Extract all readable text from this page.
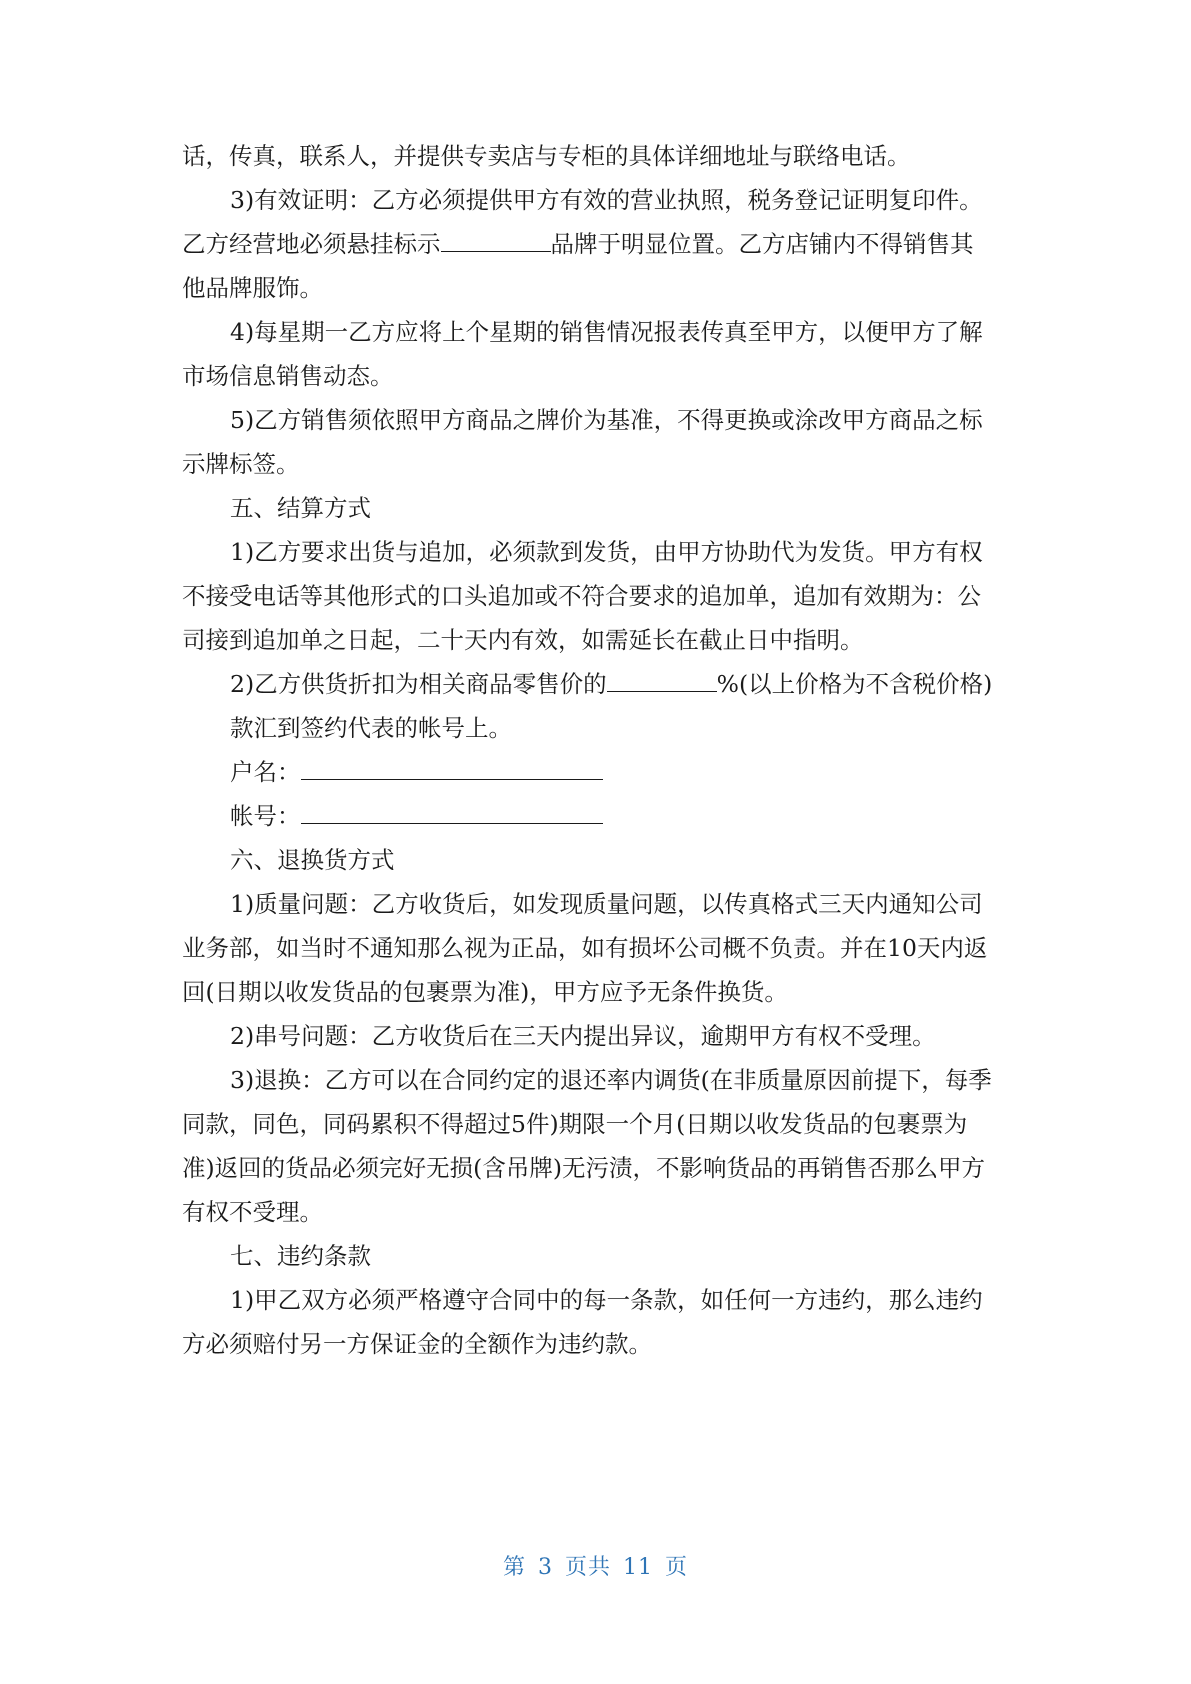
话，传真，联系人，并提供专卖店与专柜的具体详细地址与联络电话。
3)有效证明：乙方必须提供甲方有效的营业执照，税务登记证明复印件。
乙方经营地必须悬挂标示	品牌于明显位置。乙方店铺内不得销售其
他品牌服饰。
4)每星期一乙方应将上个星期的销售情况报表传真至甲方，以便甲方了解
市场信息销售动态。
5)乙方销售须依照甲方商品之牌价为基准，不得更换或涂改甲方商品之标
示牌标签。
五、结算方式
1)乙方要求出货与追加，必须款到发货，由甲方协助代为发货。甲方有权
不接受电话等其他形式的口头追加或不符合要求的追加单，追加有效期为：公
司接到追加单之日起，二十天内有效，如需延长在截止日中指明。
2)乙方供货折扣为相关商品零售价的	%(以上价格为不含税价格)
款汇到签约代表的帐号上。
户名：
帐号：
六、退换货方式
1)质量问题：乙方收货后，如发现质量问题，以传真格式三天内通知公司
业务部，如当时不通知那么视为正品，如有损坏公司概不负责。并在10天内返
回(日期以收发货品的包裹票为准)，甲方应予无条件换货。
2)串号问题：乙方收货后在三天内提出异议，逾期甲方有权不受理。
3)退换：乙方可以在合同约定的退还率内调货(在非质量原因前提下，每季
同款，同色，同码累积不得超过5件)期限一个月(日期以收发货品的包裹票为
准)返回的货品必须完好无损(含吊牌)无污渍，不影响货品的再销售否那么甲方
有权不受理。
七、违约条款
1)甲乙双方必须严格遵守合同中的每一条款，如任何一方违约，那么违约
方必须赔付另一方保证金的全额作为违约款。
第 3 页共 11 页
